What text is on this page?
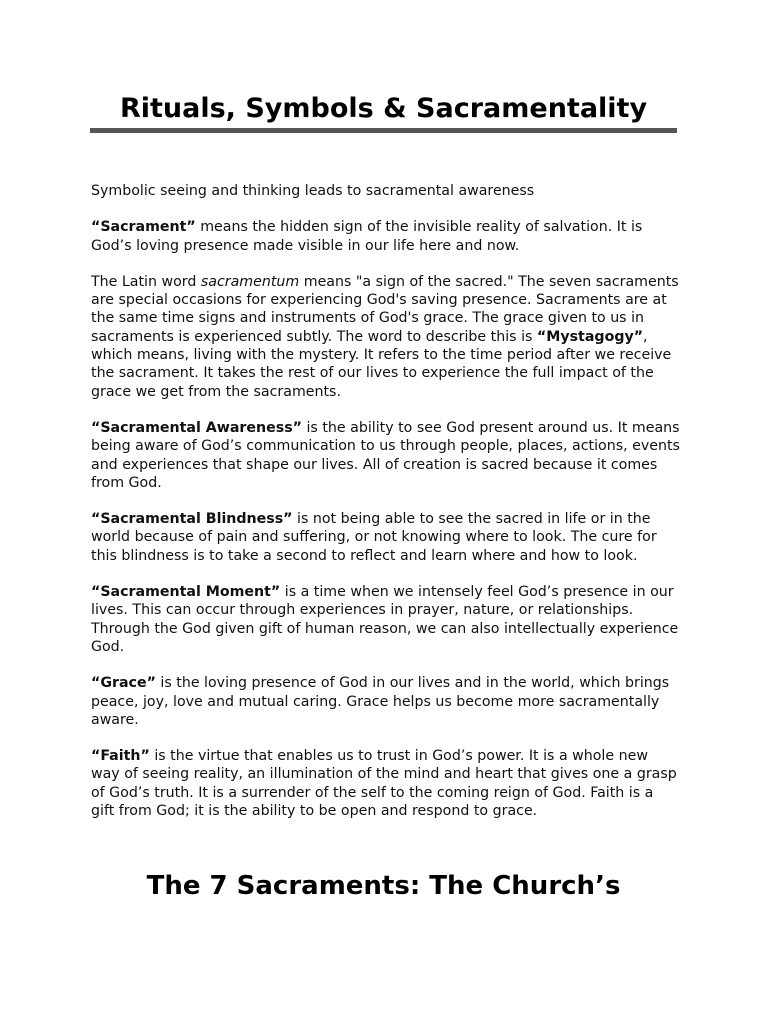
Rituals, Symbols & Sacramentality

Symbolic seeing and thinking leads to sacramental awareness

“Sacrament” means the hidden sign of the invisible reality of salvation. It is God’s loving presence made visible in our life here and now.

The Latin word sacramentum means "a sign of the sacred." The seven sacraments are special occasions for experiencing God's saving presence. Sacraments are at the same time signs and instruments of God's grace. The grace given to us in sacraments is experienced subtly. The word to describe this is “Mystagogy”, which means, living with the mystery. It refers to the time period after we receive the sacrament. It takes the rest of our lives to experience the full impact of the grace we get from the sacraments.

“Sacramental Awareness” is the ability to see God present around us. It means being aware of God’s communication to us through people, places, actions, events and experiences that shape our lives. All of creation is sacred because it comes from God.

“Sacramental Blindness” is not being able to see the sacred in life or in the world because of pain and suffering, or not knowing where to look. The cure for this blindness is to take a second to reflect and learn where and how to look.

“Sacramental Moment” is a time when we intensely feel God’s presence in our lives. This can occur through experiences in prayer, nature, or relationships. Through the God given gift of human reason, we can also intellectually experience God.

“Grace” is the loving presence of God in our lives and in the world, which brings peace, joy, love and mutual caring. Grace helps us become more sacramentally aware.

“Faith” is the virtue that enables us to trust in God’s power. It is a whole new way of seeing reality, an illumination of the mind and heart that gives one a grasp of God’s truth. It is a surrender of the self to the coming reign of God. Faith is a gift from God; it is the ability to be open and respond to grace.

The 7 Sacraments: The Church’s
